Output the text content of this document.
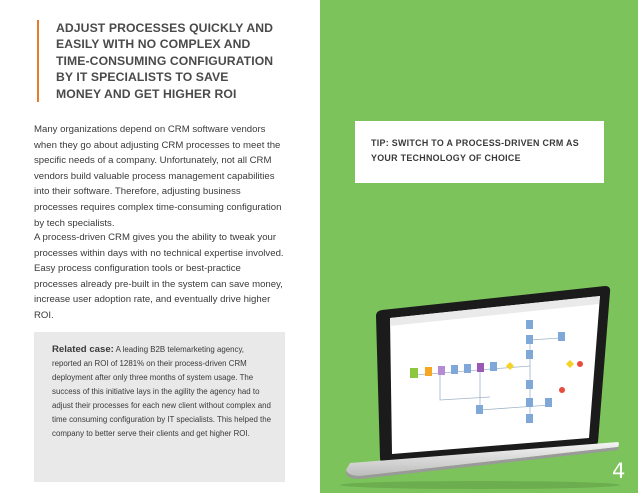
ADJUST PROCESSES QUICKLY AND
EASILY WITH NO COMPLEX AND
TIME-CONSUMING CONFIGURATION
BY IT SPECIALISTS TO SAVE
MONEY AND GET HIGHER ROI
Many organizations depend on CRM software vendors when they go about adjusting CRM processes to meet the specific needs of a company. Unfortunately, not all CRM vendors build valuable process management capabilities into their software. Therefore, adjusting business processes requires complex time-consuming configuration by tech specialists.
A process-driven CRM gives you the ability to tweak your processes within days with no technical expertise involved. Easy process configuration tools or best-practice processes already pre-built in the system can save money, increase user adoption rate, and eventually drive higher ROI.
Related case: A leading B2B telemarketing agency, reported an ROI of 1281% on their process-driven CRM deployment after only three months of system usage. The success of this initiative lays in the agility the agency had to adjust their processes for each new client without complex and time consuming configuration by IT specialists. This helped the company to better serve their clients and get higher ROI.
TIP: SWITCH TO A PROCESS-DRIVEN CRM AS YOUR TECHNOLOGY OF CHOICE
4
